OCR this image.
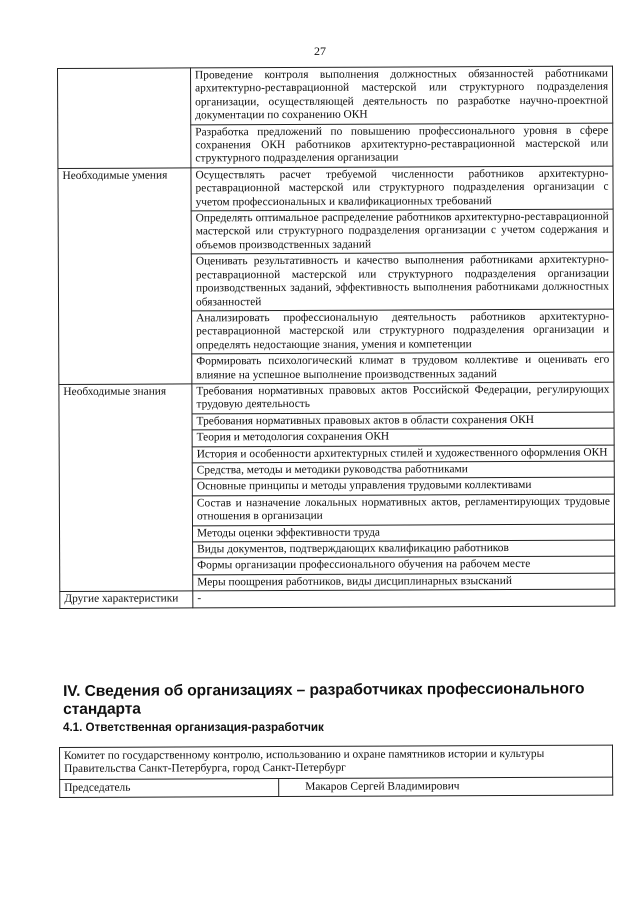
27
	Проведение контроля выполнения должностных обязанностей работниками архитектурно-реставрационной мастерской или структурного подразделения организации, осуществляющей деятельность по разработке научно-проектной документации по сохранению ОКН
	Разработка предложений по повышению профессионального уровня в сфере сохранения ОКН работников архитектурно-реставрационной мастерской или структурного подразделения организации
Необходимые умения	Осуществлять расчет требуемой численности работников архитектурно-реставрационной мастерской или структурного подразделения организации с учетом профессиональных и квалификационных требований
	Определять оптимальное распределение работников архитектурно-реставрационной мастерской или структурного подразделения организации с учетом содержания и объемов производственных заданий
	Оценивать результативность и качество выполнения работниками архитектурно-реставрационной мастерской или структурного подразделения организации производственных заданий, эффективность выполнения работниками должностных обязанностей
	Анализировать профессиональную деятельность работников архитектурно-реставрационной мастерской или структурного подразделения организации и определять недостающие знания, умения и компетенции
	Формировать психологический климат в трудовом коллективе и оценивать его влияние на успешное выполнение производственных заданий
Необходимые знания	Требования нормативных правовых актов Российской Федерации, регулирующих трудовую деятельность
	Требования нормативных правовых актов в области сохранения ОКН
	Теория и методология сохранения ОКН
	История и особенности архитектурных стилей и художественного оформления ОКН
	Средства, методы и методики руководства работниками
	Основные принципы и методы управления трудовыми коллективами
	Состав и назначение локальных нормативных актов, регламентирующих трудовые отношения в организации
	Методы оценки эффективности труда
	Виды документов, подтверждающих квалификацию работников
	Формы организации профессионального обучения на рабочем месте
	Меры поощрения работников, виды дисциплинарных взысканий
Другие характеристики	-
IV. Сведения об организациях – разработчиках профессионального стандарта
4.1. Ответственная организация-разработчик
Комитет по государственному контролю, использованию и охране памятников истории и культуры Правительства Санкт-Петербурга, город Санкт-Петербург
Председатель	Макаров Сергей Владимирович
